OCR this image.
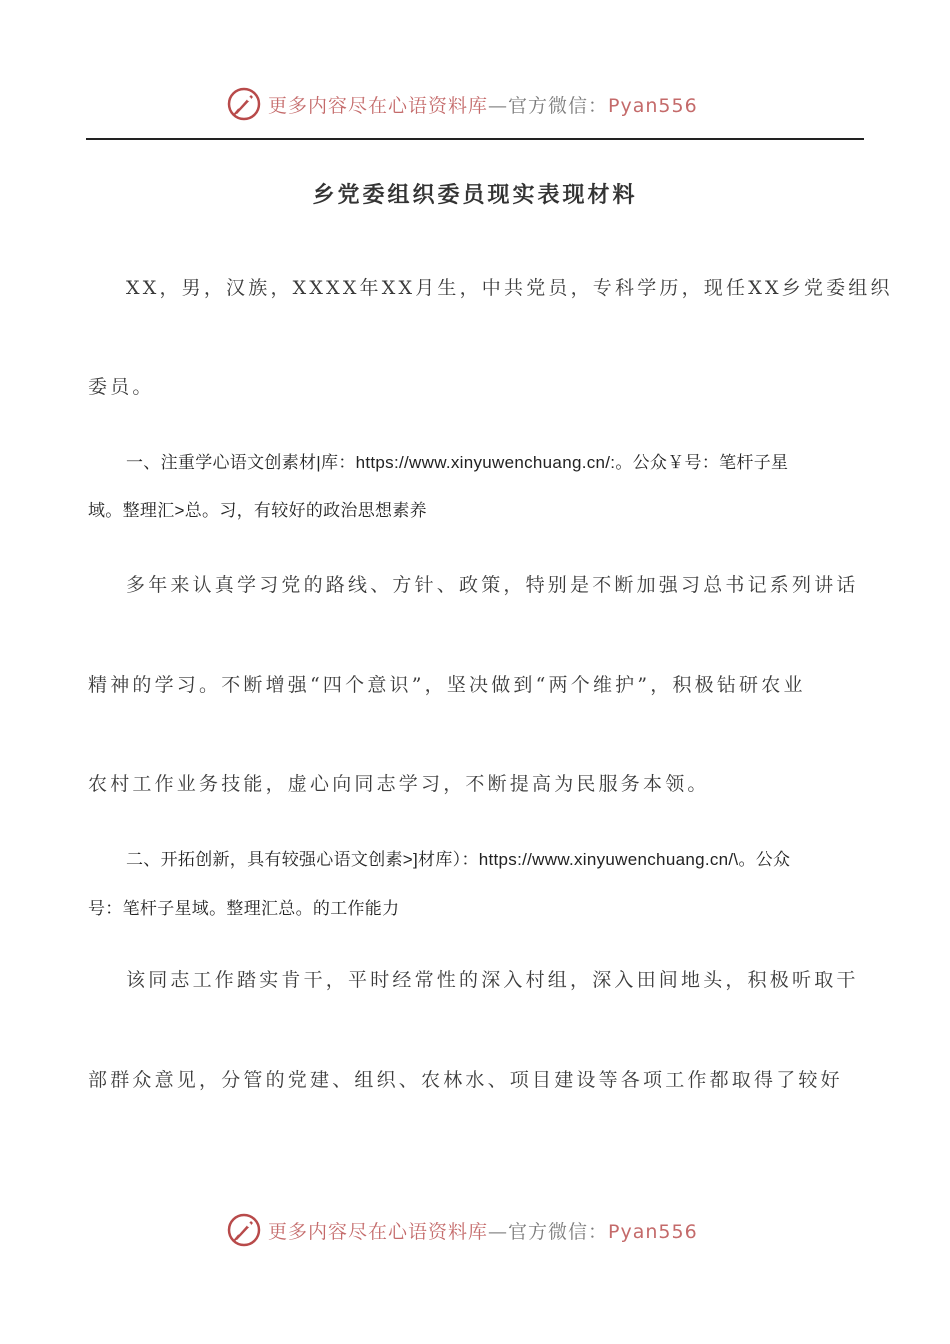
更多内容尽在心语资料库—官方微信：Pyan556
乡党委组织委员现实表现材料
XX，男，汉族，XXXX年XX月生，中共党员，专科学历，现任XX乡党委组织
委员。
一、注重学心语文创素材|库：https://www.xinyuwenchuang.cn/:。公众￥号：笔杆子星
域。整理汇>总。习，有较好的政治思想素养
多年来认真学习党的路线、方针、政策，特别是不断加强习总书记系列讲话
精神的学习。不断增强“四个意识”，坚决做到“两个维护”，积极钻研农业
农村工作业务技能，虚心向同志学习，不断提高为民服务本领。
二、开拓创新，具有较强心语文创素>]材库）：https://www.xinyuwenchuang.cn/\。公众
号：笔杆子星域。整理汇总。的工作能力
该同志工作踏实肯干，平时经常性的深入村组，深入田间地头，积极听取干
部群众意见，分管的党建、组织、农林水、项目建设等各项工作都取得了较好
更多内容尽在心语资料库—官方微信：Pyan556
